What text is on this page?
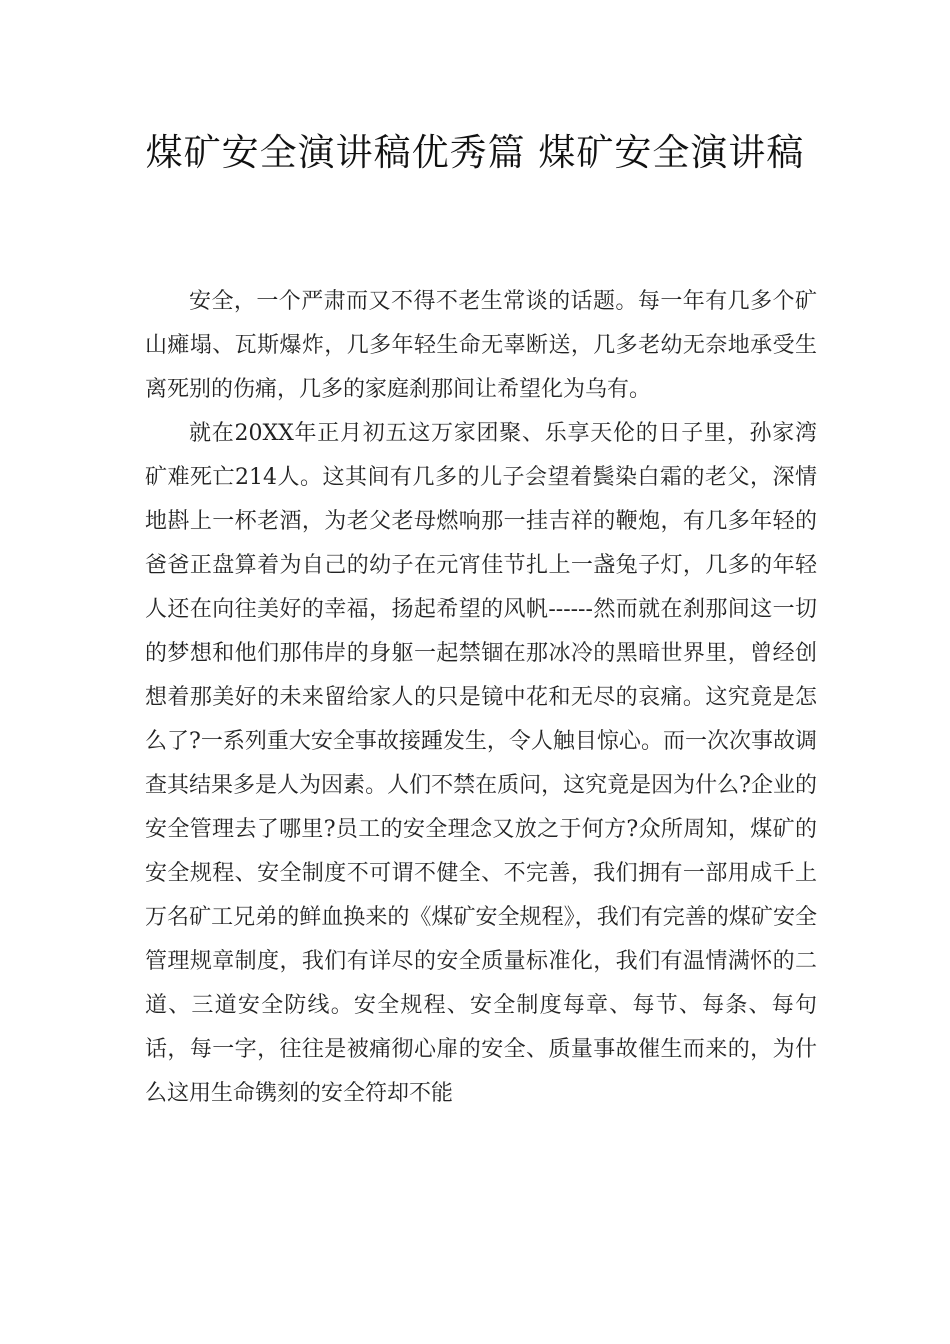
煤矿安全演讲稿优秀篇 煤矿安全演讲稿

安全，一个严肃而又不得不老生常谈的话题。每一年有几多个矿山瘫塌、瓦斯爆炸，几多年轻生命无辜断送，几多老幼无奈地承受生离死别的伤痛，几多的家庭刹那间让希望化为乌有。

就在20XX年正月初五这万家团聚、乐享天伦的日子里，孙家湾矿难死亡214人。这其间有几多的儿子会望着鬓染白霜的老父，深情地斟上一杯老酒，为老父老母燃响那一挂吉祥的鞭炮，有几多年轻的爸爸正盘算着为自己的幼子在元宵佳节扎上一盏兔子灯，几多的年轻人还在向往美好的幸福，扬起希望的风帆------然而就在刹那间这一切的梦想和他们那伟岸的身躯一起禁锢在那冰冷的黑暗世界里，曾经创想着那美好的未来留给家人的只是镜中花和无尽的哀痛。这究竟是怎么了?一系列重大安全事故接踵发生，令人触目惊心。而一次次事故调查其结果多是人为因素。人们不禁在质问，这究竟是因为什么?企业的安全管理去了哪里?员工的安全理念又放之于何方?众所周知，煤矿的安全规程、安全制度不可谓不健全、不完善，我们拥有一部用成千上万名矿工兄弟的鲜血换来的《煤矿安全规程》，我们有完善的煤矿安全管理规章制度，我们有详尽的安全质量标准化，我们有温情满怀的二道、三道安全防线。安全规程、安全制度每章、每节、每条、每句话，每一字，往往是被痛彻心扉的安全、质量事故催生而来的，为什么这用生命镌刻的安全符却不能
